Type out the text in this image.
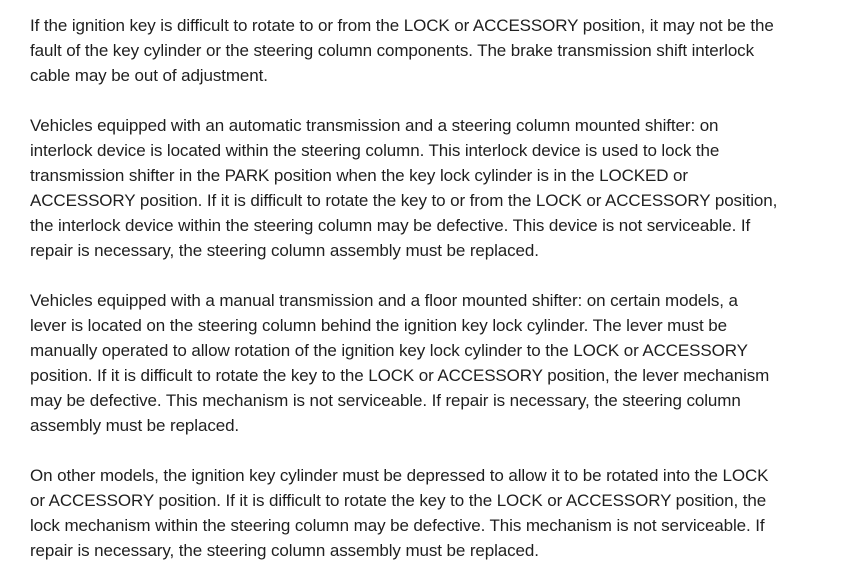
If the ignition key is difficult to rotate to or from the LOCK or ACCESSORY position, it may not be the
fault of the key cylinder or the steering column components. The brake transmission shift interlock
cable may be out of adjustment.

Vehicles equipped with an automatic transmission and a steering column mounted shifter: on
interlock device is located within the steering column. This interlock device is used to lock the
transmission shifter in the PARK position when the key lock cylinder is in the LOCKED or
ACCESSORY position. If it is difficult to rotate the key to or from the LOCK or ACCESSORY position,
the interlock device within the steering column may be defective. This device is not serviceable. If
repair is necessary, the steering column assembly must be replaced.

Vehicles equipped with a manual transmission and a floor mounted shifter: on certain models, a
lever is located on the steering column behind the ignition key lock cylinder. The lever must be
manually operated to allow rotation of the ignition key lock cylinder to the LOCK or ACCESSORY
position. If it is difficult to rotate the key to the LOCK or ACCESSORY position, the lever mechanism
may be defective. This mechanism is not serviceable. If repair is necessary, the steering column
assembly must be replaced.

On other models, the ignition key cylinder must be depressed to allow it to be rotated into the LOCK
or ACCESSORY position. If it is difficult to rotate the key to the LOCK or ACCESSORY position, the
lock mechanism within the steering column may be defective. This mechanism is not serviceable. If
repair is necessary, the steering column assembly must be replaced.
